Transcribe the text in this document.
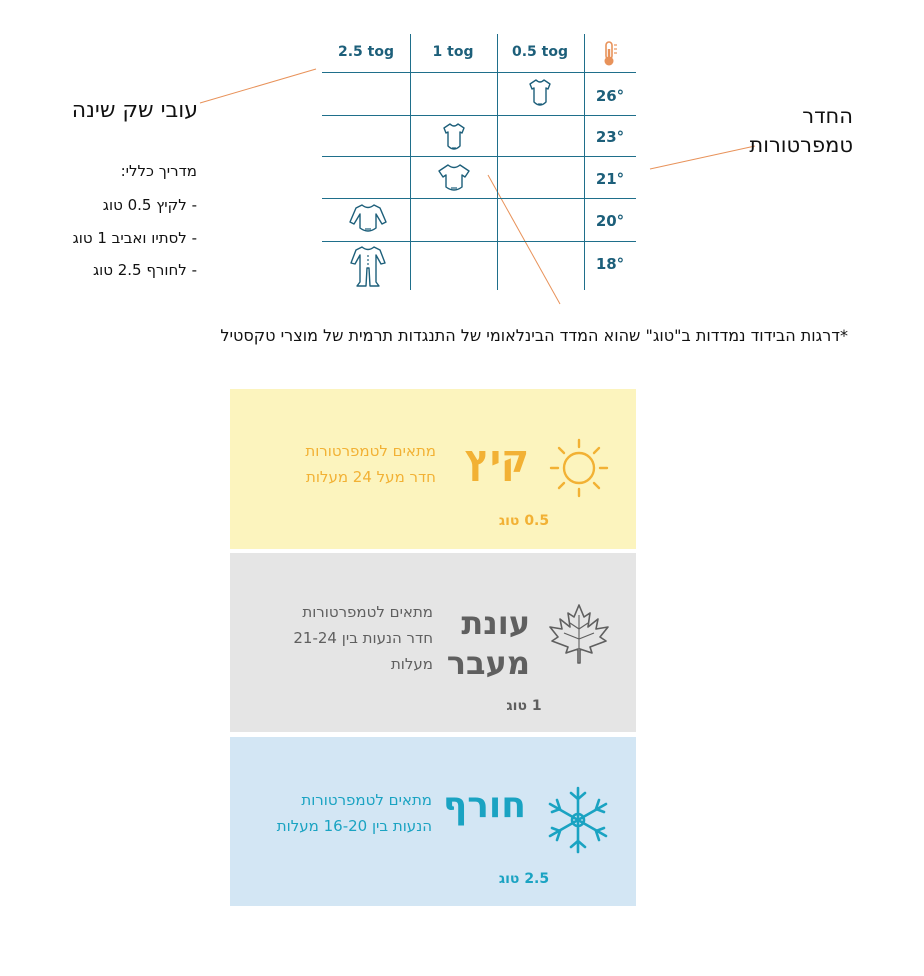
עובי שק שינה
מדריך כללי:
- לקיץ 0.5 טוג
- לסתיו ואביב 1 טוג
- לחורף 2.5 טוג
החדר טמפרטורות
2.5 tog	1 tog	0.5 tog
26°
23°
21°
20°
18°
*דרגות הבידוד נמדדות ב"טוג" שהוא המדד הבינלאומי של התנגדות תרמית של מוצרי טקסטיל
קיץ
מתאים לטמפרטורות
חדר מעל 24 מעלות
0.5 טוג
עונת
מעבר
מתאים לטמפרטורות
חדר הנעות בין 21-24
מעלות
1 טוג
חורף
מתאים לטמפרטורות
הנעות בין 16-20 מעלות
2.5 טוג
